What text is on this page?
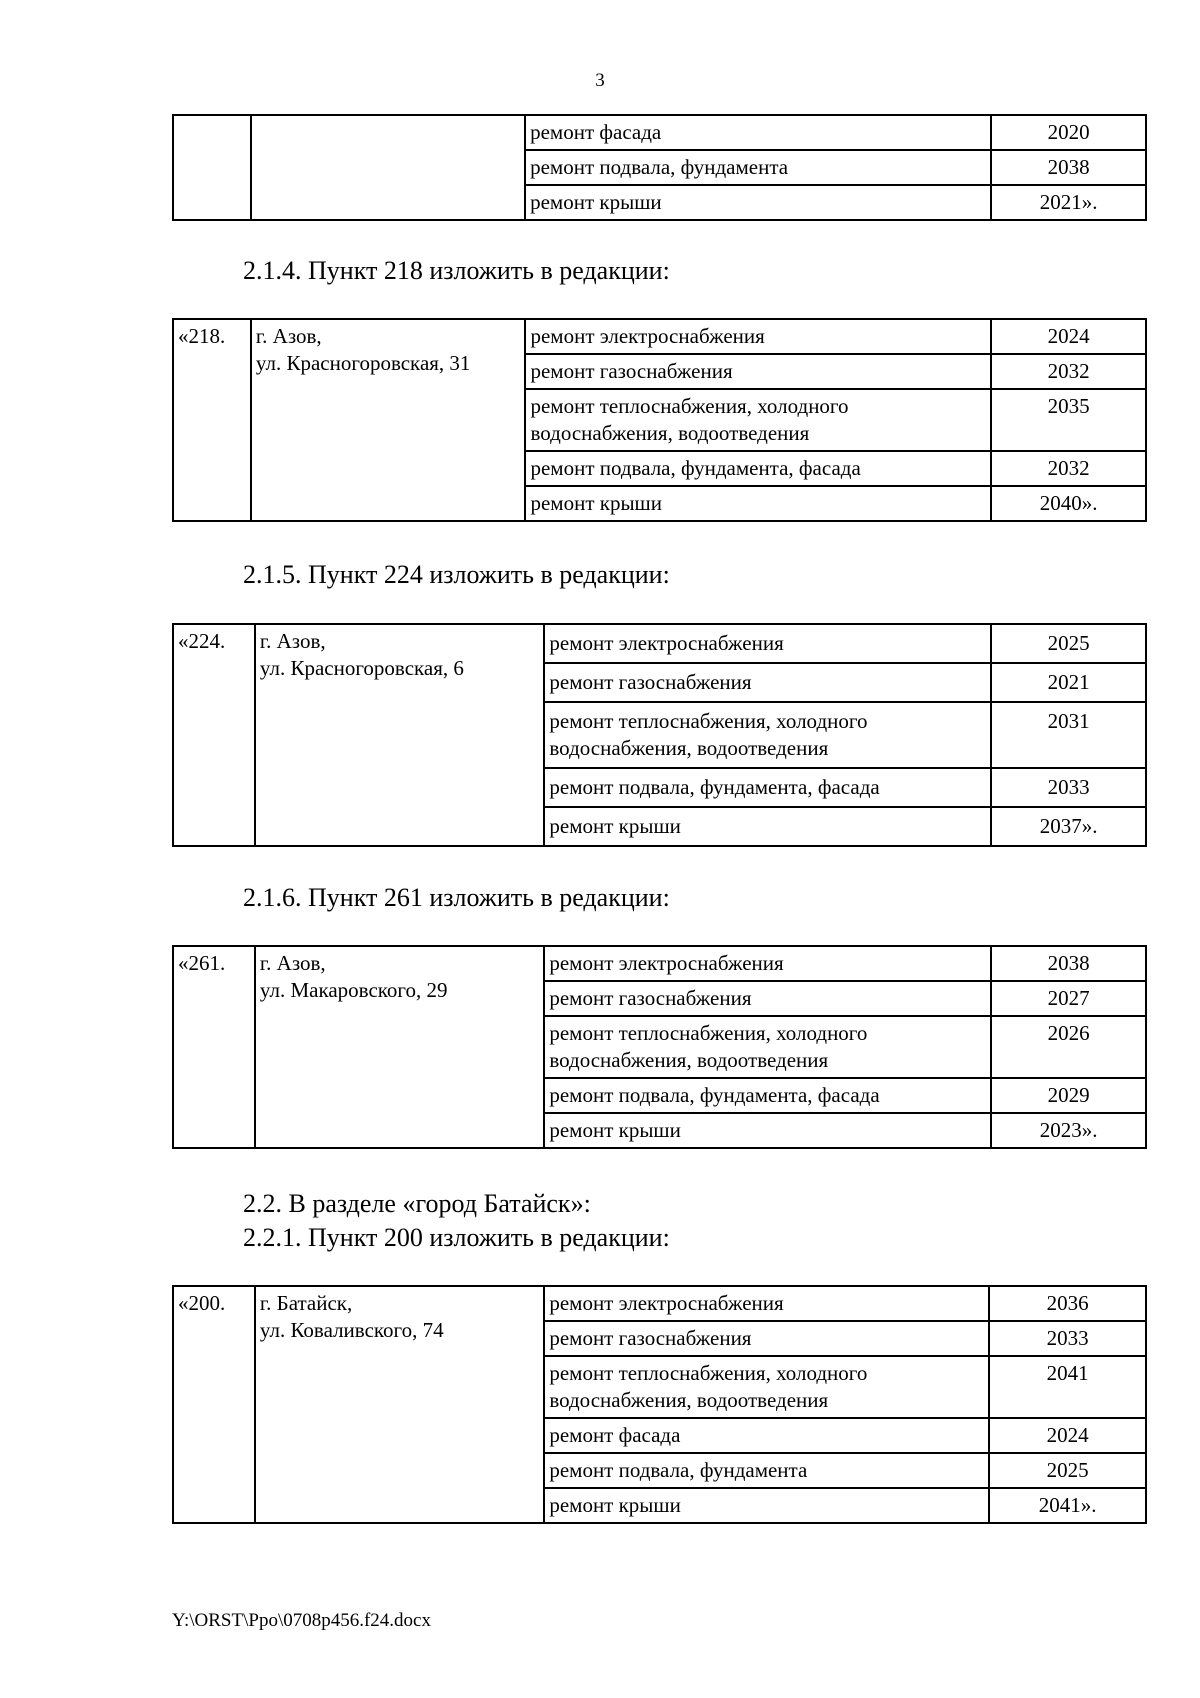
3
		ремонт фасада	2020
		ремонт подвала, фундамента	2038
		ремонт крыши	2021».
2.1.4. Пункт 218 изложить в редакции:
«218.	г. Азов,
ул. Красногоровская, 31	ремонт электроснабжения	2024
		ремонт газоснабжения	2032

		ремонт теплоснабжения, холодного
водоснабжения, водоотведения	2035
		ремонт подвала, фундамента, фасада	2032
		ремонт крыши	2040».
2.1.5. Пункт 224 изложить в редакции:
«224.	г. Азов,
ул. Красногоровская, 6	ремонт электроснабжения	2025
		ремонт газоснабжения	2021

		ремонт теплоснабжения, холодного
водоснабжения, водоотведения	2031
		ремонт подвала, фундамента, фасада	2033
		ремонт крыши	2037».
2.1.6. Пункт 261 изложить в редакции:
«261.	г. Азов,
ул. Макаровского, 29	ремонт электроснабжения	2038
		ремонт газоснабжения	2027

		ремонт теплоснабжения, холодного
водоснабжения, водоотведения	2026
		ремонт подвала, фундамента, фасада	2029
		ремонт крыши	2023».
2.2. В разделе «город Батайск»:
2.2.1. Пункт 200 изложить в редакции:
«200.	г. Батайск,
ул. Коваливского, 74	ремонт электроснабжения	2036
		ремонт газоснабжения	2033

		ремонт теплоснабжения, холодного
водоснабжения, водоотведения	2041
		ремонт фасада	2024
		ремонт подвала, фундамента	2025
		ремонт крыши	2041».
Y:\ORST\Ppo\0708p456.f24.docx
